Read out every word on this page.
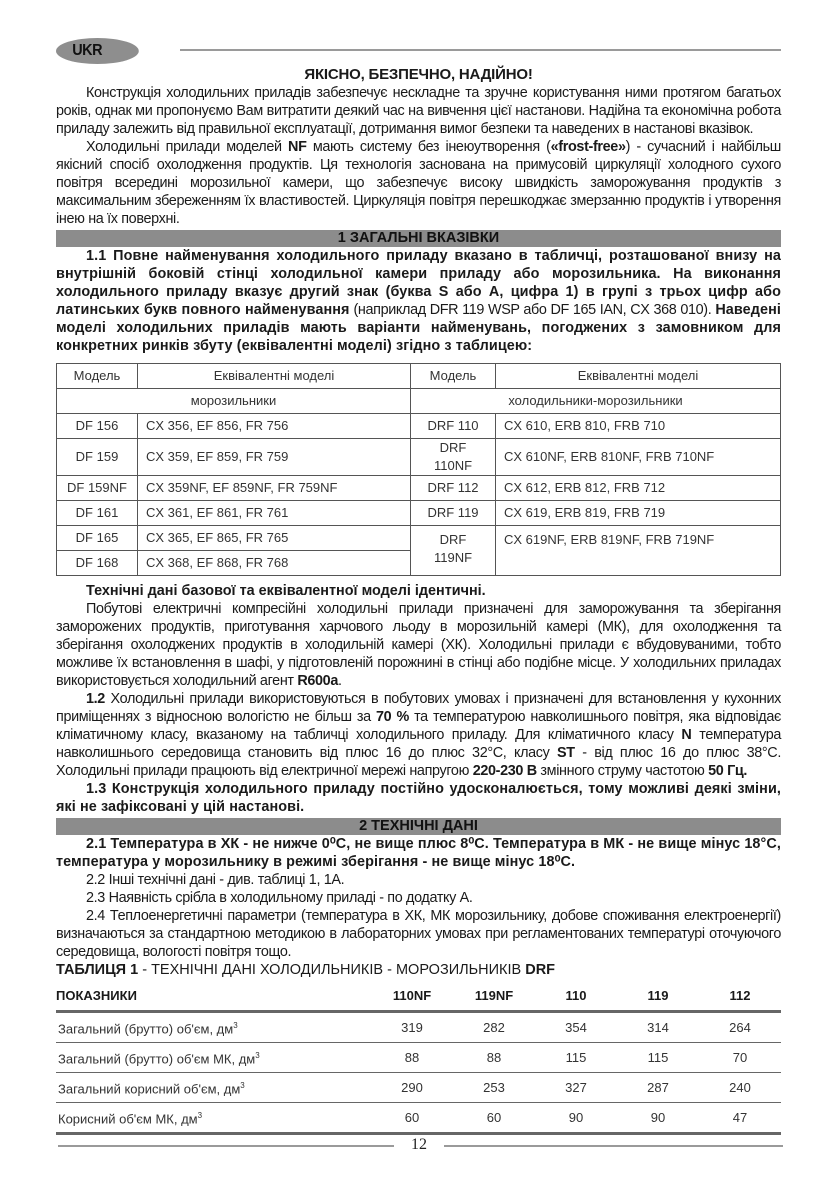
UKR

ЯКІСНО, БЕЗПЕЧНО, НАДІЙНО!

Конструкція холодильних приладів забезпечує нескладне та зручне користування ними протягом багатьох років, однак ми пропонуємо Вам витратити деякий час на вивчення цієї настанови. Надійна та економічна робота приладу залежить від правильної експлуатації, дотримання вимог безпеки та наведених в настанові вказівок.

Холодильні прилади моделей NF мають систему без інеюутворення («frost-free») - сучасний і найбільш якісний спосіб охолодження продуктів. Ця технологія заснована на примусовій циркуляції холодного сухого повітря всередині морозильної камери, що забезпечує високу швидкість заморожування продуктів з максимальним збереженням їх властивостей. Циркуляція повітря перешкоджає змерзанню продуктів і утворення інею на їх поверхні.

1 ЗАГАЛЬНІ ВКАЗІВКИ

1.1 Повне найменування холодильного приладу вказано в табличці, розташованої внизу на внутрішній боковій стінці холодильної камери приладу або морозильника. На виконання холодильного приладу вказує другий знак (буква S або А, цифра 1) в групі з трьох цифр або латинських букв повного найменування (наприклад DFR 119 WSP або DF 165 IAN, CX 368 010). Наведені моделі холодильних приладів мають варіанти найменувань, погоджених з замовником для конкретних ринків збуту (еквівалентні моделі) згідно з таблицею:

Модель	Еквівалентні моделі	Модель	Еквівалентні моделі
морозильники		холодильники-морозильники	
DF 156	CX 356, EF 856, FR 756	DRF 110	CX 610, ERB 810, FRB 710
DF 159	CX 359, EF 859, FR 759	DRF 110NF	CX 610NF, ERB 810NF, FRB 710NF
DF 159NF	CX 359NF, EF 859NF, FR 759NF	DRF 112	CX 612, ERB 812, FRB 712
DF 161	CX 361, EF 861, FR 761	DRF 119	CX 619, ERB 819, FRB 719
DF 165	CX 365, EF 865, FR 765	DRF 119NF	CX 619NF, ERB 819NF, FRB 719NF
DF 168	CX 368, EF 868, FR 768		

Технічні дані базової та еквівалентної моделі ідентичні.

Побутові електричні компресійні холодильні прилади призначені для заморожування та зберігання заморожених продуктів, приготування харчового льоду в морозильній камері (МК), для охолодження та зберігання охолоджених продуктів в холодильній камері (ХК). Холодильні прилади є вбудовуваними, тобто можливе їх встановлення в шафі, у підготовленій порожнині в стінці або подібне місце. У холодильних приладах використовується холодильний агент R600a.

1.2 Холодильні прилади використовуються в побутових умовах і призначені для встановлення у кухонних приміщеннях з відносною вологістю не більш за 70 % та температурою навколишнього повітря, яка відповідає кліматичному класу, вказаному на табличці холодильного приладу. Для кліматичного класу N температура навколишнього середовища становить від плюс 16 до плюс 32°С, класу ST - від плюс 16 до плюс 38°С. Холодильні прилади працюють від електричної мережі напругою 220-230 В змінного струму частотою 50 Гц.

1.3 Конструкція холодильного приладу постійно удосконалюється, тому можливі деякі зміни, які не зафіксовані у цій настанові.

2 ТЕХНІЧНІ ДАНІ

2.1 Температура в ХК - не нижче 0⁰С, не вище плюс 8⁰С. Температура в МК - не вище мінус 18°С, температура у морозильнику в режимі зберігання - не вище мінус 18⁰С.

2.2 Інші технічні дані - див. таблиці 1, 1А.

2.3 Наявність срібла в холодильному приладі - по додатку А.

2.4 Теплоенергетичні параметри (температура в ХК, МК морозильнику, добове споживання електроенергії) визначаються за стандартною методикою в лабораторних умовах при регламентованих температурі оточуючого середовища, вологості повітря тощо.

ТАБЛИЦЯ 1 - ТЕХНІЧНІ ДАНІ ХОЛОДИЛЬНИКІВ - МОРОЗИЛЬНИКІВ DRF

ПОКАЗНИКИ	110NF	119NF	110	119	112
Загальний (брутто) об'єм, $дм^3$	319	282	354	314	264
Загальний (брутто) об'єм МК, $дм^3$	88	88	115	115	70
Загальний корисний об'єм, $дм^3$	290	253	327	287	240
Корисний об'єм МК, $дм^3$	60	60	90	90	47
12
